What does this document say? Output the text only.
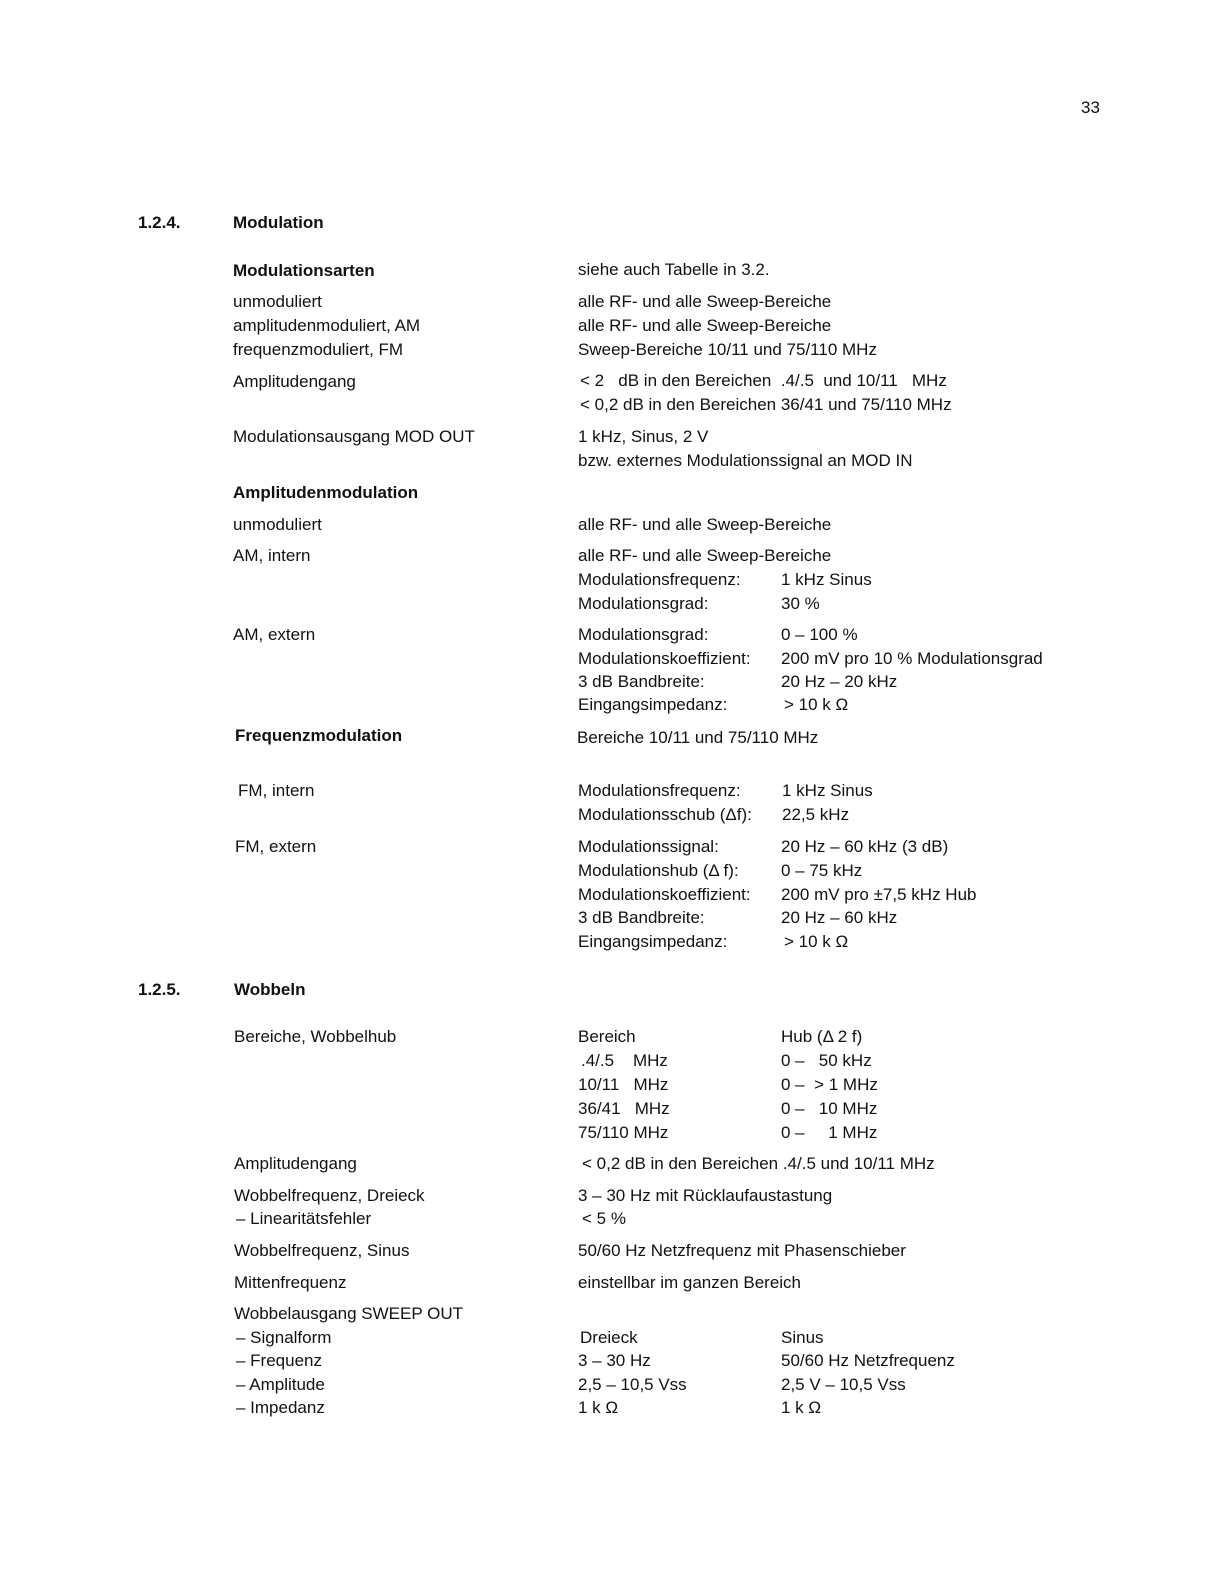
33
1.2.4.	Modulation
Modulationsarten	siehe auch Tabelle in 3.2.
unmoduliert	alle RF- und alle Sweep-Bereiche
amplitudenmoduliert, AM	alle RF- und alle Sweep-Bereiche
frequenzmoduliert, FM	Sweep-Bereiche 10/11 und 75/110 MHz
Amplitudengang	< 2   dB in den Bereichen  .4/.5  und 10/11   MHz
< 0,2 dB in den Bereichen 36/41 und 75/110 MHz
Modulationsausgang MOD OUT	1 kHz, Sinus, 2 V
bzw. externes Modulationssignal an MOD IN
Amplitudenmodulation
unmoduliert	alle RF- und alle Sweep-Bereiche
AM, intern	alle RF- und alle Sweep-Bereiche
Modulationsfrequenz: 1 kHz Sinus
Modulationsgrad:	30 %
AM, extern	Modulationsgrad:	0 – 100 %
Modulationskoeffizient: 200 mV pro 10 % Modulationsgrad
3 dB Bandbreite:	20 Hz – 20 kHz
Eingangsimpedanz:	> 10 k Ω
Frequenzmodulation	Bereiche 10/11 und 75/110 MHz
FM, intern	Modulationsfrequenz: 1 kHz Sinus
Modulationsschub (Δf): 22,5 kHz
FM, extern	Modulationssignal:	20 Hz – 60 kHz (3 dB)
Modulationshub (Δ f): 0 – 75 kHz
Modulationskoeffizient: 200 mV pro ±7,5 kHz Hub
3 dB Bandbreite:	20 Hz – 60 kHz
Eingangsimpedanz:	> 10 k Ω
1.2.5.	Wobbeln
Bereiche, Wobbelhub	Bereich	Hub (Δ 2 f)
.4/.5    MHz	0 –   50 kHz
10/11   MHz	0 –  > 1 MHz
36/41   MHz	0 –   10 MHz
75/110 MHz	0 –     1 MHz
Amplitudengang	< 0,2 dB in den Bereichen .4/.5 und 10/11 MHz
Wobbelfrequenz, Dreieck	3 – 30 Hz mit Rücklaufaustastung
– Linearitätsfehler	< 5 %
Wobbelfrequenz, Sinus	50/60 Hz Netzfrequenz mit Phasenschieber
Mittenfrequenz	einstellbar im ganzen Bereich
Wobbelausgang SWEEP OUT
– Signalform	Dreieck	Sinus
– Frequenz	3 – 30 Hz	50/60 Hz Netzfrequenz
– Amplitude	2,5 – 10,5 Vss	2,5 V – 10,5 Vss
– Impedanz	1 k Ω	1 k Ω
